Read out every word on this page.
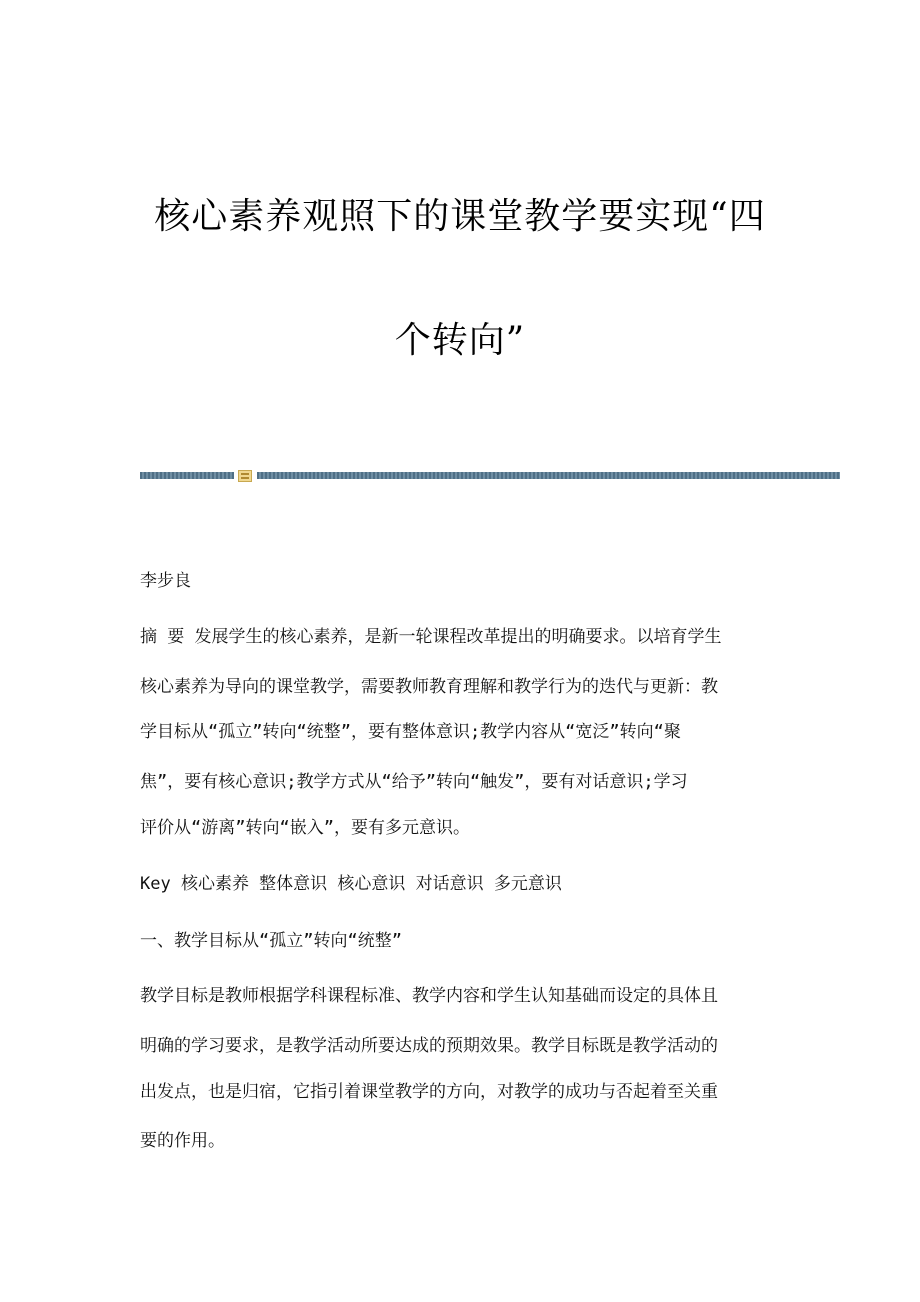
核心素养观照下的课堂教学要实现“四
个转向”
李步良
摘 要 发展学生的核心素养，是新一轮课程改革提出的明确要求。以培育学生
核心素养为导向的课堂教学，需要教师教育理解和教学行为的迭代与更新：教
学目标从“孤立”转向“统整”，要有整体意识;教学内容从“宽泛”转向“聚
焦”，要有核心意识;教学方式从“给予”转向“触发”，要有对话意识;学习
评价从“游离”转向“嵌入”，要有多元意识。
Key 核心素养 整体意识 核心意识 对话意识 多元意识
一、教学目标从“孤立”转向“统整”
教学目标是教师根据学科课程标准、教学内容和学生认知基础而设定的具体且
明确的学习要求，是教学活动所要达成的预期效果。教学目标既是教学活动的
出发点，也是归宿，它指引着课堂教学的方向，对教学的成功与否起着至关重
要的作用。
